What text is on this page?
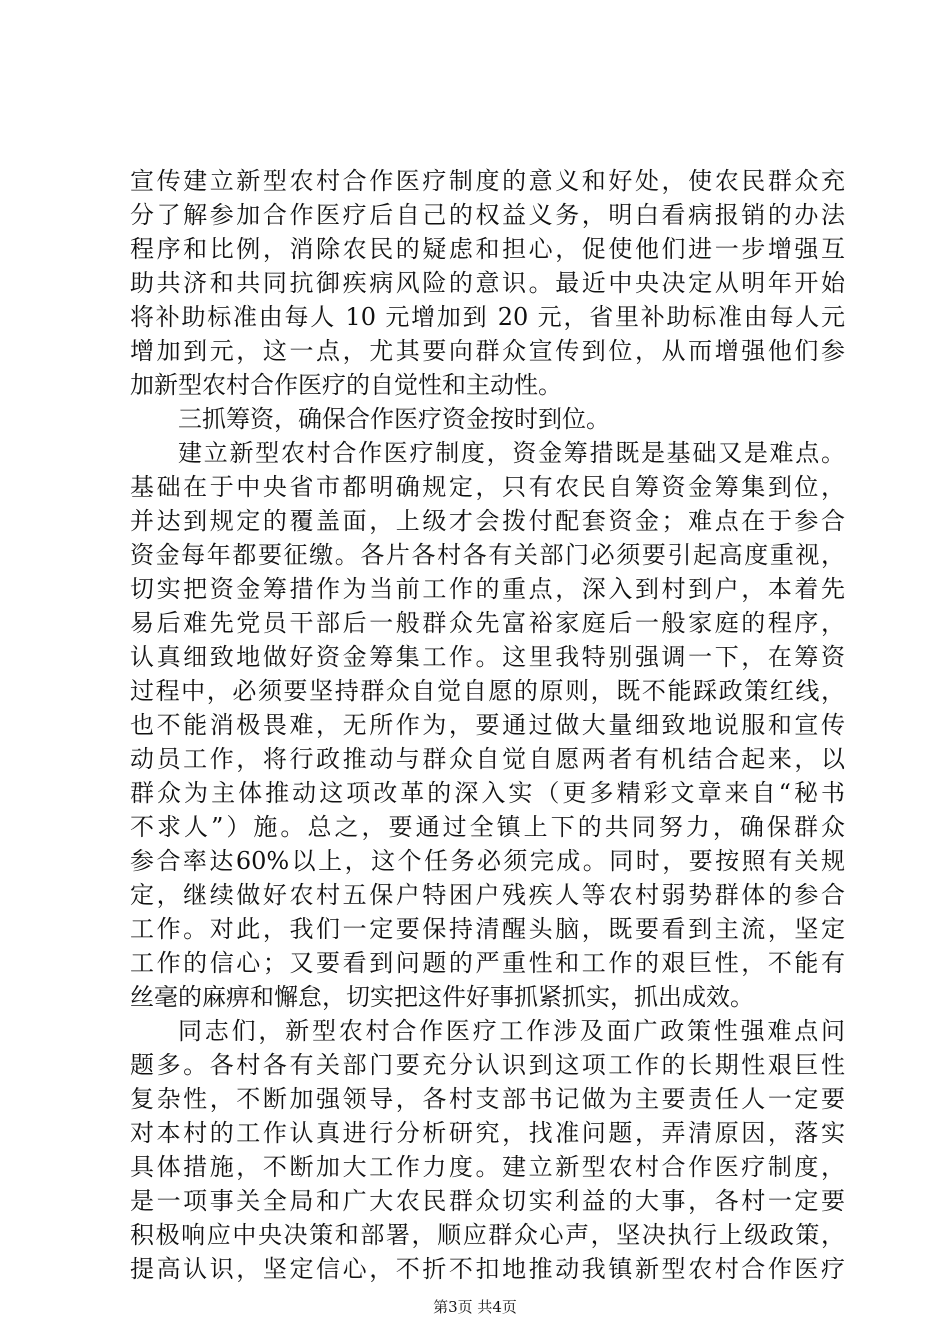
宣传建立新型农村合作医疗制度的意义和好处，使农民群众充
分了解参加合作医疗后自己的权益义务，明白看病报销的办法
程序和比例，消除农民的疑虑和担心，促使他们进一步增强互
助共济和共同抗御疾病风险的意识。最近中央决定从明年开始
将补助标准由每人 10 元增加到 20 元，省里补助标准由每人元
增加到元，这一点，尤其要向群众宣传到位，从而增强他们参
加新型农村合作医疗的自觉性和主动性。
三抓筹资，确保合作医疗资金按时到位。
建立新型农村合作医疗制度，资金筹措既是基础又是难点。
基础在于中央省市都明确规定，只有农民自筹资金筹集到位，
并达到规定的覆盖面，上级才会拨付配套资金；难点在于参合
资金每年都要征缴。各片各村各有关部门必须要引起高度重视，
切实把资金筹措作为当前工作的重点，深入到村到户，本着先
易后难先党员干部后一般群众先富裕家庭后一般家庭的程序，
认真细致地做好资金筹集工作。这里我特别强调一下，在筹资
过程中，必须要坚持群众自觉自愿的原则，既不能踩政策红线，
也不能消极畏难，无所作为，要通过做大量细致地说服和宣传
动员工作，将行政推动与群众自觉自愿两者有机结合起来，以
群众为主体推动这项改革的深入实（更多精彩文章来自“秘书
不求人”）施。总之，要通过全镇上下的共同努力，确保群众
参合率达60%以上，这个任务必须完成。同时，要按照有关规
定，继续做好农村五保户特困户残疾人等农村弱势群体的参合
工作。对此，我们一定要保持清醒头脑，既要看到主流，坚定
工作的信心；又要看到问题的严重性和工作的艰巨性，不能有
丝毫的麻痹和懈怠，切实把这件好事抓紧抓实，抓出成效。
同志们，新型农村合作医疗工作涉及面广政策性强难点问
题多。各村各有关部门要充分认识到这项工作的长期性艰巨性
复杂性，不断加强领导，各村支部书记做为主要责任人一定要
对本村的工作认真进行分析研究，找准问题，弄清原因，落实
具体措施，不断加大工作力度。建立新型农村合作医疗制度，
是一项事关全局和广大农民群众切实利益的大事，各村一定要
积极响应中央决策和部署，顺应群众心声，坚决执行上级政策，
提高认识，坚定信心，不折不扣地推动我镇新型农村合作医疗
第3页 共4页
